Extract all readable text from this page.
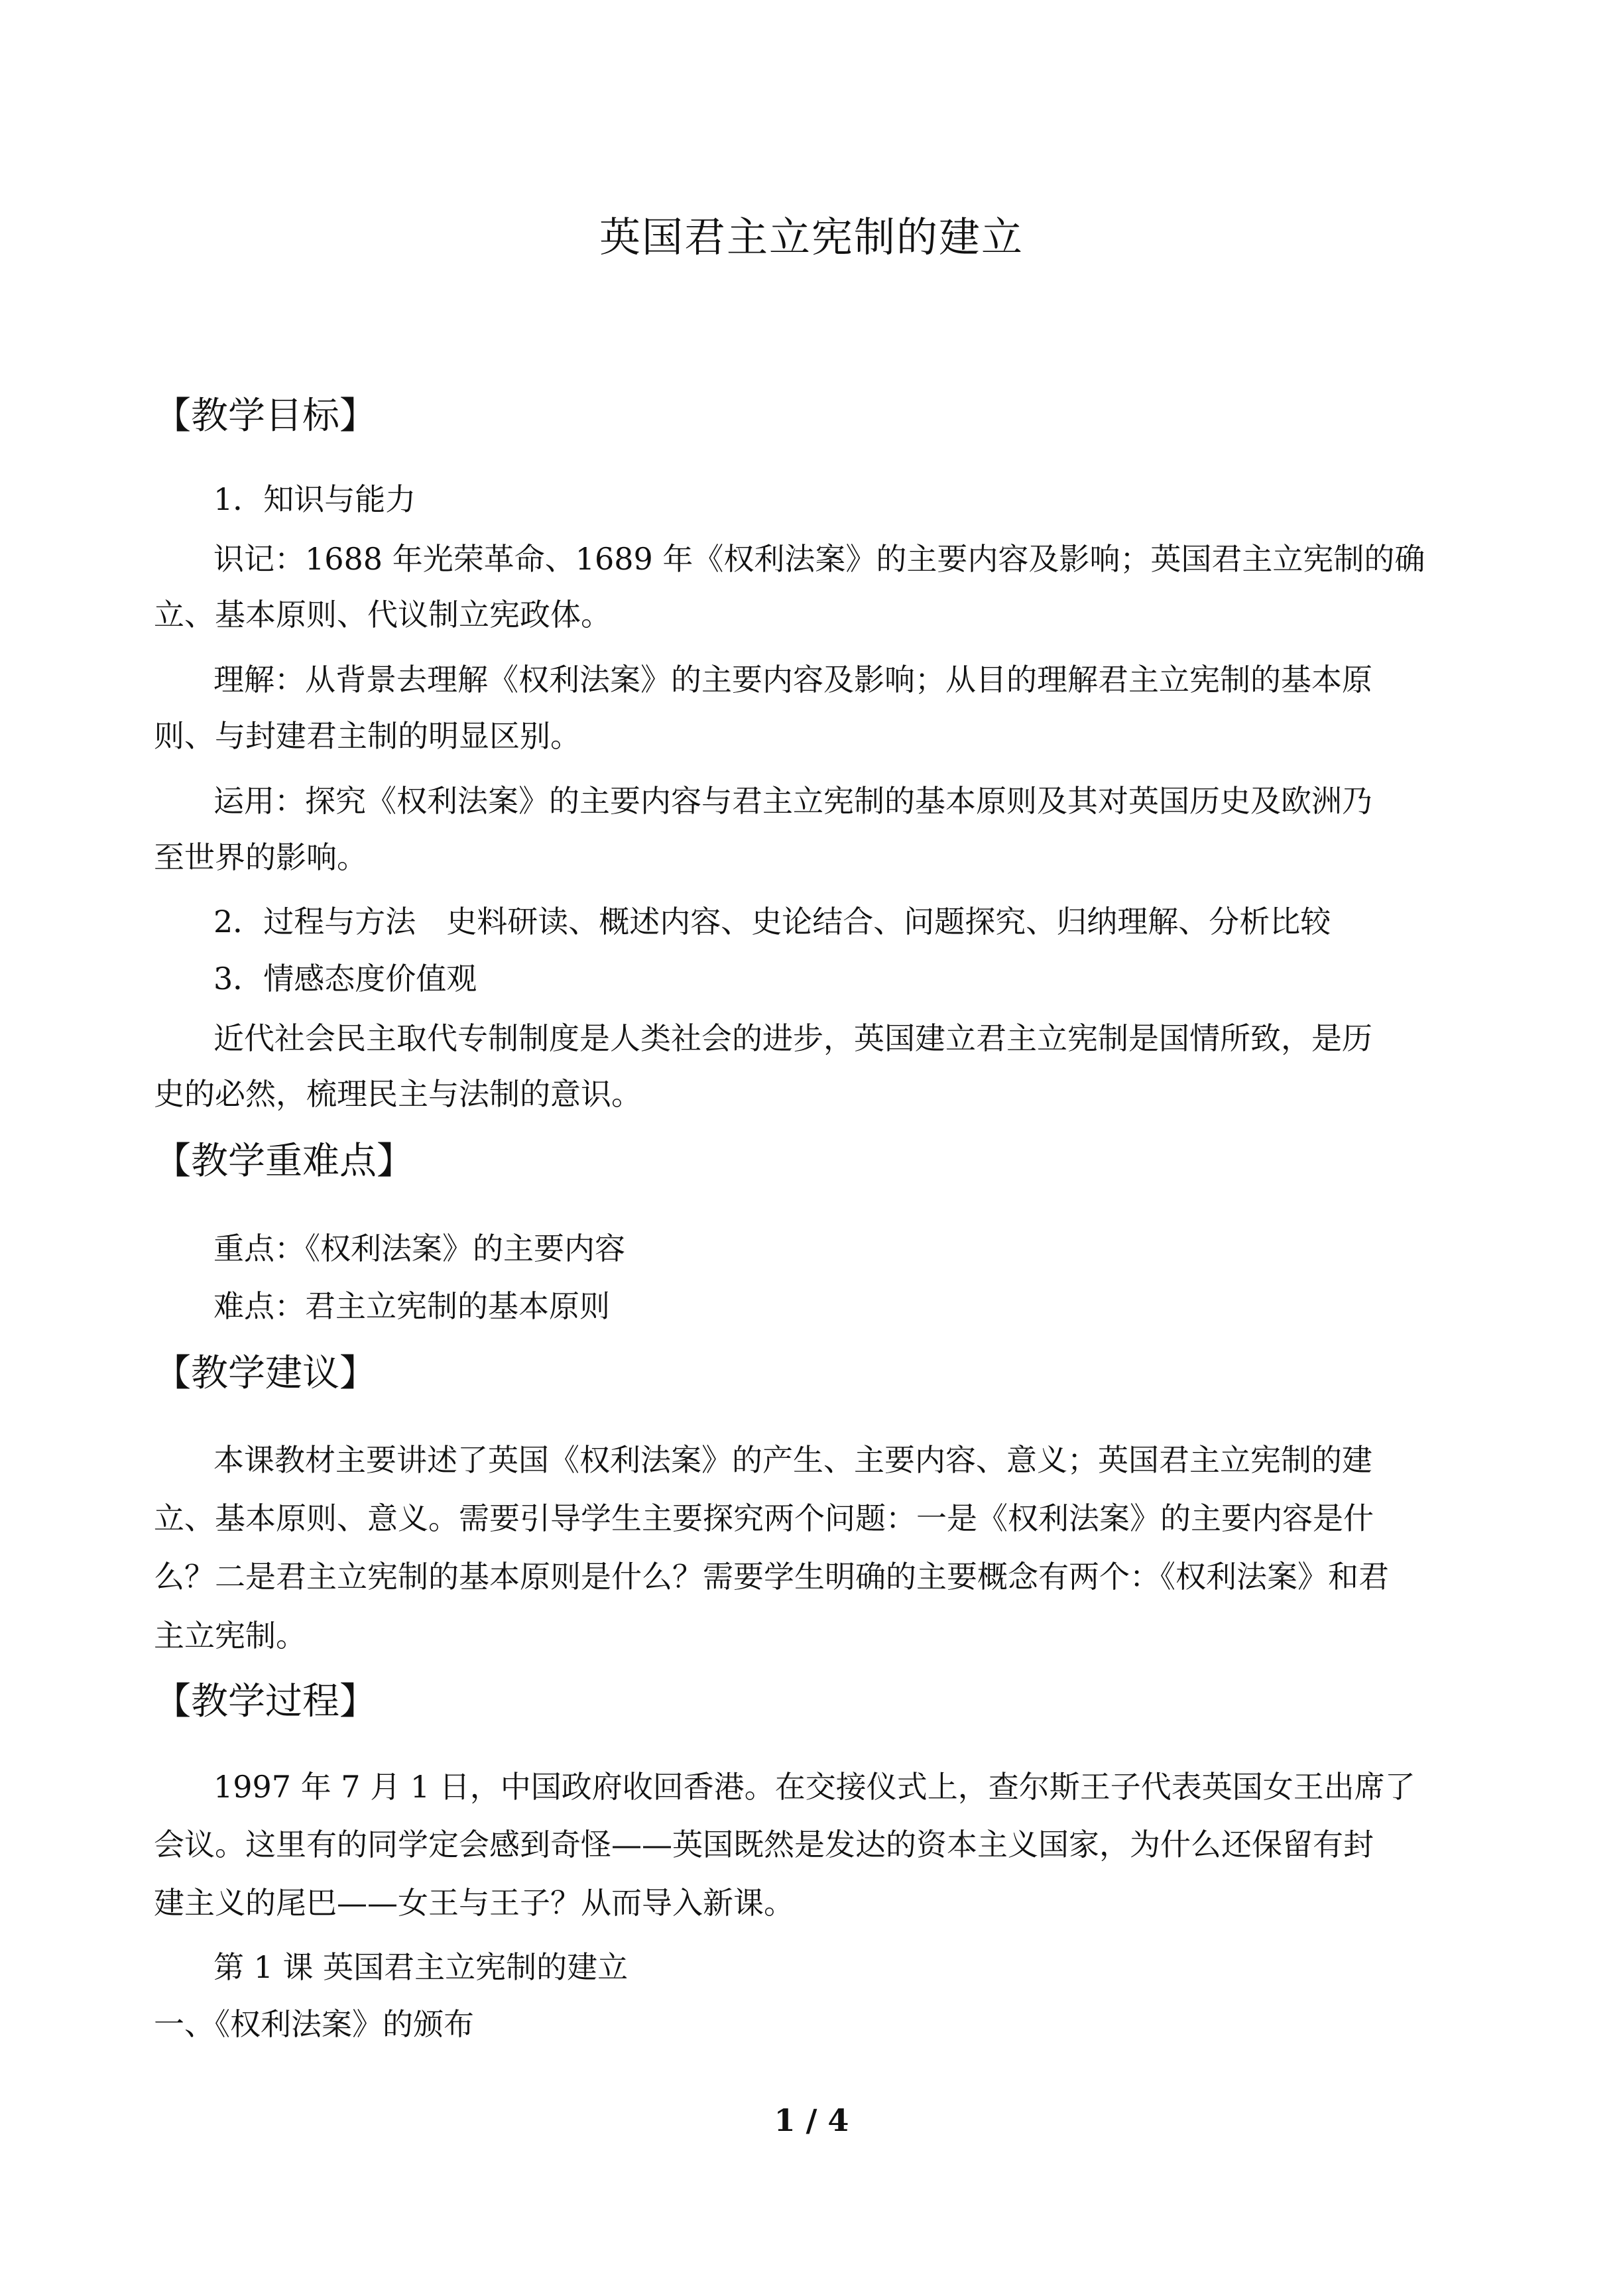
英国君主立宪制的建立
【教学目标】
1．知识与能力
识记：1688 年光荣革命、1689 年《权利法案》的主要内容及影响；英国君主立宪制的确
立、基本原则、代议制立宪政体。
理解：从背景去理解《权利法案》的主要内容及影响；从目的理解君主立宪制的基本原
则、与封建君主制的明显区别。
运用：探究《权利法案》的主要内容与君主立宪制的基本原则及其对英国历史及欧洲乃
至世界的影响。
2．过程与方法　史料研读、概述内容、史论结合、问题探究、归纳理解、分析比较
3．情感态度价值观
近代社会民主取代专制制度是人类社会的进步，英国建立君主立宪制是国情所致，是历
史的必然，梳理民主与法制的意识。
【教学重难点】
重点：《权利法案》的主要内容
难点：君主立宪制的基本原则
【教学建议】
本课教材主要讲述了英国《权利法案》的产生、主要内容、意义；英国君主立宪制的建
立、基本原则、意义。需要引导学生主要探究两个问题：一是《权利法案》的主要内容是什
么？二是君主立宪制的基本原则是什么？需要学生明确的主要概念有两个：《权利法案》和君
主立宪制。
【教学过程】
1997 年 7 月 1 日，中国政府收回香港。在交接仪式上，查尔斯王子代表英国女王出席了
会议。这里有的同学定会感到奇怪——英国既然是发达的资本主义国家，为什么还保留有封
建主义的尾巴——女王与王子？从而导入新课。
第 1 课 英国君主立宪制的建立
一、《权利法案》的颁布
1 / 4
